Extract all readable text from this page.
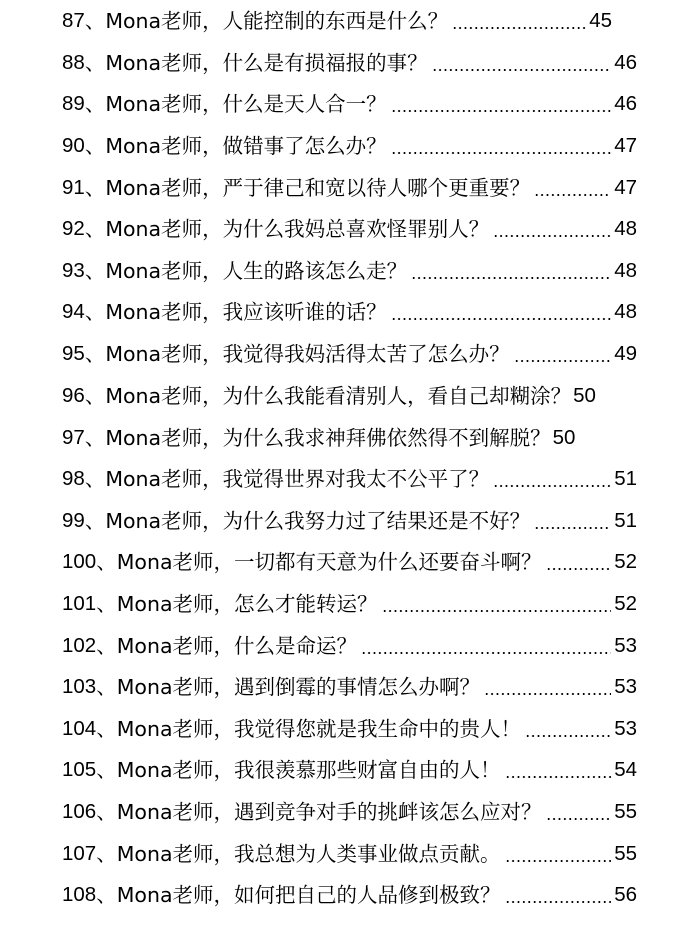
87 、 Mona老师，人能控制的东西是什么？	45
88 、 Mona老师，什么是有损福报的事？	46
89 、 Mona老师，什么是天人合一？	46
90 、 Mona老师，做错事了怎么办？	47
91 、 Mona老师，严于律己和宽以待人哪个更重要？	47
92 、 Mona老师，为什么我妈总喜欢怪罪别人？	48
93 、 Mona老师，人生的路该怎么走？	48
94 、 Mona老师，我应该听谁的话？	48
95 、 Mona老师，我觉得我妈活得太苦了怎么办？	49
96 、 Mona老师，为什么我能看清别人，看自己却糊涂？ 50
97 、 Mona老师，为什么我求神拜佛依然得不到解脱？ 50
98 、 Mona老师，我觉得世界对我太不公平了？	51
99 、 Mona老师，为什么我努力过了结果还是不好？	51
100 、 Mona老师，一切都有天意为什么还要奋斗啊？	52
101 、 Mona老师，怎么才能转运？	52
102 、 Mona老师，什么是命运？	53
103 、 Mona老师，遇到倒霉的事情怎么办啊？	53
104 、 Mona老师，我觉得您就是我生命中的贵人！	53
105 、 Mona老师，我很羡慕那些财富自由的人！	54
106 、 Mona老师，遇到竞争对手的挑衅该怎么应对？	55
107 、 Mona老师，我总想为人类事业做点贡献。	55
108 、 Mona老师，如何把自己的人品修到极致？	56
